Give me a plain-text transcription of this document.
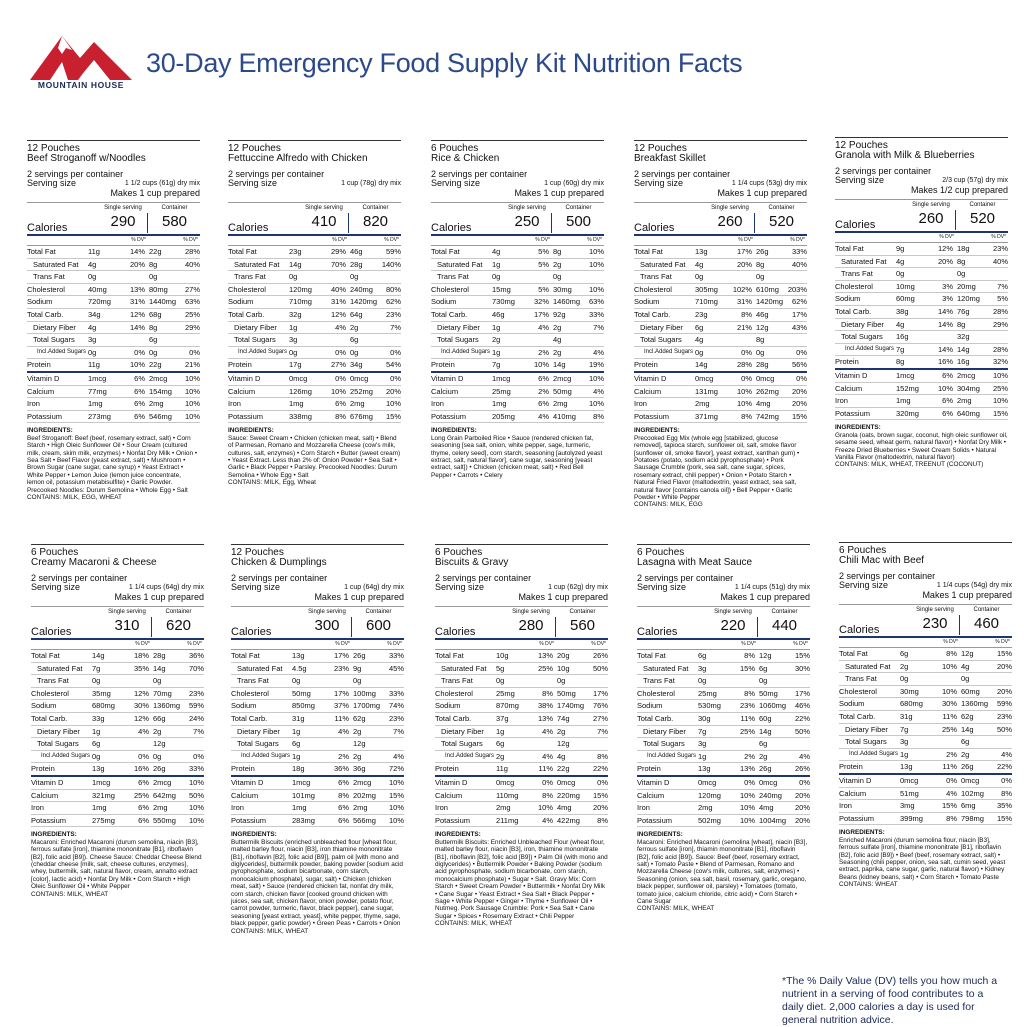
MOUNTAIN HOUSE
30-Day Emergency Food Supply Kit Nutrition Facts
12 Pouches
Beef Stroganoff w/Noodles
2 servings per container
Serving size	1 1/2 cups (61g) dry mix
Makes 1 cup prepared
Single serving	Container
Calories	290	580
% DV*	% DV*
Total Fat	11g	14% 22g	28%
Saturated Fat 4g	20% 8g	40%
Trans Fat	0g	0g
Cholesterol	40mg	13% 80mg	27%
Sodium	720mg	31% 1440mg	63%
Total Carb.	34g	12% 68g	25%
Dietary Fiber 4g	14% 8g	29%
Total Sugars 3g	6g
Incl.Added Sugars 0g	0% 0g	0%
Protein	11g	10% 22g	21%
Vitamin D	1mcg	6% 2mcg	10%
Calcium	77mg	6% 154mg	10%
Iron	1mg	6% 2mg	10%
Potassium	273mg	6% 546mg	10%
INGREDIENTS:
Beef Stroganoff: Beef (beef, rosemary extract, salt) • Corn Starch • High Oleic Sunflower Oil • Sour Cream (cultured milk, cream, skim milk, enzymes) • Nonfat Dry Milk • Onion • Sea Salt • Beef Flavor (yeast extract, salt) • Mushroom • Brown Sugar (cane sugar, cane syrup) • Yeast Extract • White Pepper • Lemon Juice (lemon juice concentrate, lemon oil, potassium metabisulfite) • Garlic Powder. Precooked Noodles: Durum Semolina • Whole Egg • Salt
CONTAINS: MILK, EGG, WHEAT
12 Pouches
Fettuccine Alfredo with Chicken
2 servings per container
Serving size	1 cup (78g) dry mix
Single serving	Container
Calories	410	820
% DV*	% DV*
Total Fat	23g	29% 46g	59%
Saturated Fat 14g	70% 28g	140%
Trans Fat	0g	0g
Cholesterol	120mg	40% 240mg	80%
Sodium	710mg	31% 1420mg	62%
Total Carb.	32g	12% 64g	23%
Dietary Fiber 1g	4% 2g	7%
Total Sugars 3g	6g
Incl.Added Sugars 0g	0% 0g	0%
Protein	17g	27% 34g	54%
Vitamin D	0mcg	0% 0mcg	0%
Calcium	126mg	10% 252mg	20%
Iron	1mg	6% 2mg	10%
Potassium	338mg	8% 676mg	15%
INGREDIENTS:
Sauce: Sweet Cream • Chicken (chicken meat, salt) • Blend of Parmesan, Romano and Mozzarella Cheese (cow's milk, cultures, salt, enzymes) • Corn Starch • Butter (sweet cream) • Yeast Extract. Less than 2% of: Onion Powder • Sea Salt • Garlic • Black Pepper • Parsley. Precooked Noodles: Durum Semolina • Whole Egg • Salt
CONTAINS: MILK, Egg, Wheat
6 Pouches
Rice & Chicken
2 servings per container
Serving size	1 cup (60g) dry mix
Makes 1 cup prepared
Single serving	Container
Calories	250	500
% DV*	% DV*
Total Fat	4g	5% 8g	10%
Saturated Fat 1g	5% 2g	10%
Trans Fat	0g	0g
Cholesterol	15mg	5% 30mg	10%
Sodium	730mg	32% 1460mg	63%
Total Carb.	46g	17% 92g	33%
Dietary Fiber 1g	4% 2g	7%
Total Sugars 2g	4g
Incl.Added Sugars 1g	2% 2g	4%
Protein	7g	10% 14g	19%
Vitamin D	1mcg	6% 2mcg	10%
Calcium	25mg	2% 50mg	4%
Iron	1mg	6% 2mg	10%
Potassium	205mg	4% 410mg	8%
INGREDIENTS:
Long Grain Parboiled Rice • Sauce (rendered chicken fat, seasoning [sea salt, onion, white pepper, sage, turmeric, thyme, celery seed], corn starch, seasoning [autolyzed yeast extract, salt, natural flavor], cane sugar, seasoning [yeast extract, salt]) • Chicken (chicken meat, salt) • Red Bell Pepper • Carrots • Celery
12 Pouches
Breakfast Skillet
2 servings per container
Serving size	1 1/4 cups (53g) dry mix
Makes 1 cup prepared
Single serving	Container
Calories	260	520
% DV*	% DV*
Total Fat	13g	17% 26g	33%
Saturated Fat 4g	20% 8g	40%
Trans Fat	0g	0g
Cholesterol	305mg	102% 610mg	203%
Sodium	710mg	31% 1420mg	62%
Total Carb.	23g	8% 46g	17%
Dietary Fiber 6g	21% 12g	43%
Total Sugars 4g	8g
Incl.Added Sugars 0g	0% 0g	0%
Protein	14g	28% 28g	56%
Vitamin D	0mcg	0% 0mcg	0%
Calcium	131mg	10% 262mg	20%
Iron	2mg	10% 4mg	20%
Potassium	371mg	8% 742mg	15%
INGREDIENTS:
Precooked Egg Mix (whole egg [stabilized, glucose removed], tapioca starch, sunflower oil, salt, smoke flavor [sunflower oil, smoke flavor], yeast extract, xanthan gum) • Potatoes (potato, sodium acid pyrophosphate) • Pork Sausage Crumble (pork, sea salt, cane sugar, spices, rosemary extract, chili pepper) • Onion • Potato Starch • Natural Fried Flavor (maltodextrin, yeast extract, sea salt, natural flavor [contains canola oil]) • Bell Pepper • Garlic Powder • White Pepper
CONTAINS: MILK, EGG
12 Pouches
Granola with Milk & Blueberries
2 servings per container
Serving size	2/3 cup (57g) dry mix
Makes 1/2 cup prepared
Single serving	Container
Calories	260	520
% DV*	% DV*
Total Fat	9g	12% 18g	23%
Saturated Fat 4g	20% 8g	40%
Trans Fat	0g	0g
Cholesterol	10mg	3% 20mg	7%
Sodium	60mg	3% 120mg	5%
Total Carb.	38g	14% 76g	28%
Dietary Fiber 4g	14% 8g	29%
Total Sugars 16g	32g
Incl.Added Sugars 7g	14% 14g	28%
Protein	8g	16% 16g	32%
Vitamin D	1mcg	6% 2mcg	10%
Calcium	152mg	10% 304mg	25%
Iron	1mg	6% 2mg	10%
Potassium	320mg	6% 640mg	15%
INGREDIENTS:
Granola (oats, brown sugar, coconut, high oleic sunflower oil, sesame seed, wheat germ, natural flavor) • Nonfat Dry Milk • Freeze Dried Blueberries • Sweet Cream Solids • Natural Vanilla Flavor (maltodextrin, natural flavor)
CONTAINS: MILK, WHEAT, TREENUT (COCONUT)
6 Pouches
Creamy Macaroni & Cheese
2 servings per container
Serving size	1 1/4 cups (64g) dry mix
Makes 1 cup prepared
Single serving	Container
Calories	310	620
% DV*	% DV*
Total Fat	14g	18% 28g	36%
Saturated Fat 7g	35% 14g	70%
Trans Fat	0g	0g
Cholesterol	35mg	12% 70mg	23%
Sodium	680mg	30% 1360mg	59%
Total Carb.	33g	12% 66g	24%
Dietary Fiber 1g	4% 2g	7%
Total Sugars 6g	12g
Incl.Added Sugars 0g	0% 0g	0%
Protein	13g	16% 26g	33%
Vitamin D	1mcg	6% 2mcg	10%
Calcium	321mg	25% 642mg	50%
Iron	1mg	6% 2mg	10%
Potassium	275mg	6% 550mg	10%
INGREDIENTS:
Macaroni: Enriched Macaroni (durum semolina, niacin [B3], ferrous sulfate [iron], thiamine mononitrate [B1], riboflavin [B2], folic acid [B9]). Cheese Sauce: Cheddar Cheese Blend (cheddar cheese [milk, salt, cheese cultures, enzymes], whey, buttermilk, salt, natural flavor, cream, annatto extract [color], lactic acid) • Nonfat Dry Milk • Corn Starch • High Oleic Sunflower Oil • White Pepper
CONTAINS: MILK, WHEAT
12 Pouches
Chicken & Dumplings
2 servings per container
Serving size	1 cup (64g) dry mix
Makes 1 cup prepared
Single serving	Container
Calories	300	600
% DV*	% DV*
Total Fat	13g	17% 26g	33%
Saturated Fat 4.5g	23% 9g	45%
Trans Fat	0g	0g
Cholesterol	50mg	17% 100mg	33%
Sodium	850mg	37% 1700mg	74%
Total Carb.	31g	11% 62g	23%
Dietary Fiber 1g	4% 2g	7%
Total Sugars 6g	12g
Incl.Added Sugars 1g	2% 2g	4%
Protein	18g	36% 36g	72%
Vitamin D	1mcg	6% 2mcg	10%
Calcium	101mg	8% 202mg	15%
Iron	1mg	6% 2mg	10%
Potassium	283mg	6% 566mg	10%
INGREDIENTS:
Buttermilk Biscuits (enriched unbleached flour [wheat flour, malted barley flour, niacin [B3], iron thiamine mononitrate [B1], riboflavin [B2], folic acid [B9]], palm oil [with mono and diglycerides], buttermilk powder, baking powder [sodium acid pyrophosphate, sodium bicarbonate, corn starch, monocalcium phosphate], sugar, salt) • Chicken (chicken meat, salt) • Sauce (rendered chicken fat, nonfat dry milk, corn starch, chicken flavor [cooked ground chicken with juices, sea salt, chicken flavor, onion powder, potato flour, carrot powder, turmeric, flavor, black pepper], cane sugar, seasoning [yeast extract, yeast], white pepper, thyme, sage, black pepper, garlic powder) • Green Peas • Carrots • Onion
CONTAINS: MILK, WHEAT
6 Pouches
Biscuits & Gravy
2 servings per container
Serving size	1 cup (62g) dry mix
Makes 1 cup prepared
Single serving	Container
Calories	280	560
% DV*	% DV*
Total Fat	10g	13% 20g	26%
Saturated Fat 5g	25% 10g	50%
Trans Fat	0g	0g
Cholesterol	25mg	8% 50mg	17%
Sodium	870mg	38% 1740mg	76%
Total Carb.	37g	13% 74g	27%
Dietary Fiber 1g	4% 2g	7%
Total Sugars 6g	12g
Incl.Added Sugars 2g	4% 4g	8%
Protein	11g	11% 22g	22%
Vitamin D	0mcg	0% 0mcg	0%
Calcium	110mg	8% 220mg	15%
Iron	2mg	10% 4mg	20%
Potassium	211mg	4% 422mg	8%
INGREDIENTS:
Buttermilk Biscuits: Enriched Unbleached Flour (wheat flour, malted barley flour, niacin [B3], iron, thiamine mononitrate [B1], riboflavin [B2], folic acid [B9]) • Palm Oil (with mono and diglycerides) • Buttermilk Powder • Baking Powder (sodium acid pyrophosphate, sodium bicarbonate, corn starch, monocalcium phosphate) • Sugar • Salt. Gravy Mix: Corn Starch • Sweet Cream Powder • Buttermilk • Nonfat Dry Milk • Cane Sugar • Yeast Extract • Sea Salt • Black Pepper • Sage • White Pepper • Ginger • Thyme • Sunflower Oil • Nutmeg. Pork Sausage Crumble: Pork • Sea Salt • Cane Sugar • Spices • Rosemary Extract • Chili Pepper
CONTAINS: MILK, WHEAT
6 Pouches
Lasagna with Meat Sauce
2 servings per container
Serving size	1 1/4 cups (51g) dry mix
Makes 1 cup prepared
Single serving	Container
Calories	220	440
% DV*	% DV*
Total Fat	6g	8% 12g	15%
Saturated Fat 3g	15% 6g	30%
Trans Fat	0g	0g
Cholesterol	25mg	8% 50mg	17%
Sodium	530mg	23% 1060mg	46%
Total Carb.	30g	11% 60g	22%
Dietary Fiber 7g	25% 14g	50%
Total Sugars 3g	6g
Incl.Added Sugars 1g	2% 2g	4%
Protein	13g	13% 26g	26%
Vitamin D	0mcg	0% 0mcg	0%
Calcium	120mg	10% 240mg	20%
Iron	2mg	10% 4mg	20%
Potassium	502mg	10% 1004mg	20%
INGREDIENTS:
Macaroni: Enriched Macaroni (semolina [wheat], niacin [B3], ferrous sulfate [iron], thiamin mononitrate [B1], riboflavin [B2], folic acid [B9]). Sauce: Beef (beef, rosemary extract, salt) • Tomato Paste • Blend of Parmesan, Romano and Mozzarella Cheese (cow's milk, cultures, salt, enzymes) • Seasoning (onion, sea salt, basil, rosemary, garlic, oregano, black pepper, sunflower oil, parsley) • Tomatoes (tomato, tomato juice, calcium chloride, citric acid) • Corn Starch • Cane Sugar
CONTAINS: MILK, WHEAT
6 Pouches
Chili Mac with Beef
2 servings per container
Serving size	1 1/4 cups (54g) dry mix
Makes 1 cup prepared
Single serving	Container
Calories	230	460
% DV*	% DV*
Total Fat	6g	8% 12g	15%
Saturated Fat 2g	10% 4g	20%
Trans Fat	0g	0g
Cholesterol	30mg	10% 60mg	20%
Sodium	680mg	30% 1360mg	59%
Total Carb.	31g	11% 62g	23%
Dietary Fiber 7g	25% 14g	50%
Total Sugars 3g	6g
Incl.Added Sugars 1g	2% 2g	4%
Protein	13g	11% 26g	22%
Vitamin D	0mcg	0% 0mcg	0%
Calcium	51mg	4% 102mg	8%
Iron	3mg	15% 6mg	35%
Potassium	399mg	8% 798mg	15%
INGREDIENTS:
Enriched Macaroni (durum semolina flour, niacin [B3], ferrous sulfate [iron], thiamine mononitrate [B1], riboflavin [B2], folic acid [B9]) • Beef (beef, rosemary extract, salt) • Seasoning (chili pepper, onion, sea salt, cumin seed, yeast extract, paprika, cane sugar, garlic, natural flavor) • Kidney Beans (kidney beans, salt) • Corn Starch • Tomato Paste
CONTAINS: WHEAT
*The % Daily Value (DV) tells you how much a nutrient in a serving of food contributes to a daily diet. 2,000 calories a day is used for general nutrition advice.
